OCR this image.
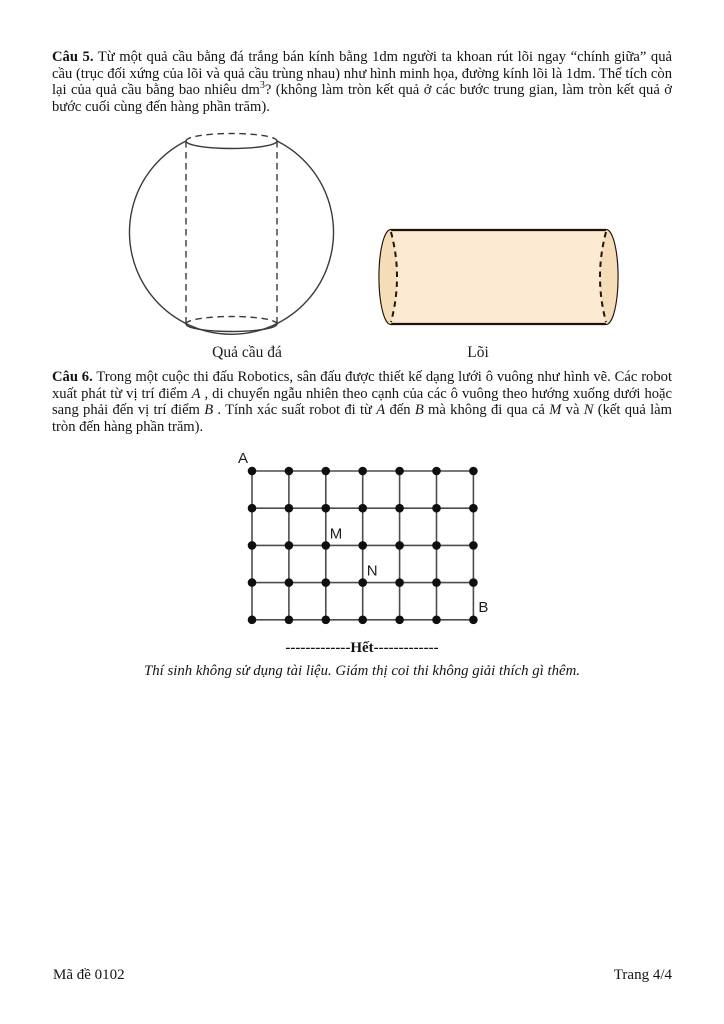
Câu 5. Từ một quả cầu bằng đá trắng bán kính bằng 1dm người ta khoan rút lõi ngay “chính giữa” quả cầu (trục đối xứng của lõi và quả cầu trùng nhau) như hình minh họa, đường kính lõi là 1dm. Thể tích còn lại của quả cầu bằng bao nhiêu $dm^3$? (không làm tròn kết quả ở các bước trung gian, làm tròn kết quả ở bước cuối cùng đến hàng phần trăm).

Quả cầu đá	Lõi

Câu 6. Trong một cuộc thi đấu Robotics, sân đấu được thiết kế dạng lưới ô vuông như hình vẽ. Các robot xuất phát từ vị trí điểm A , di chuyển ngẫu nhiên theo cạnh của các ô vuông theo hướng xuống dưới hoặc sang phải đến vị trí điểm B . Tính xác suất robot đi từ A đến B mà không đi qua cả M và N (kết quả làm tròn đến hàng phần trăm).

A
M
N
B

-------------Hết-------------

Thí sinh không sử dụng tài liệu. Giám thị coi thi không giải thích gì thêm.

Mã đề 0102	Trang 4/4
